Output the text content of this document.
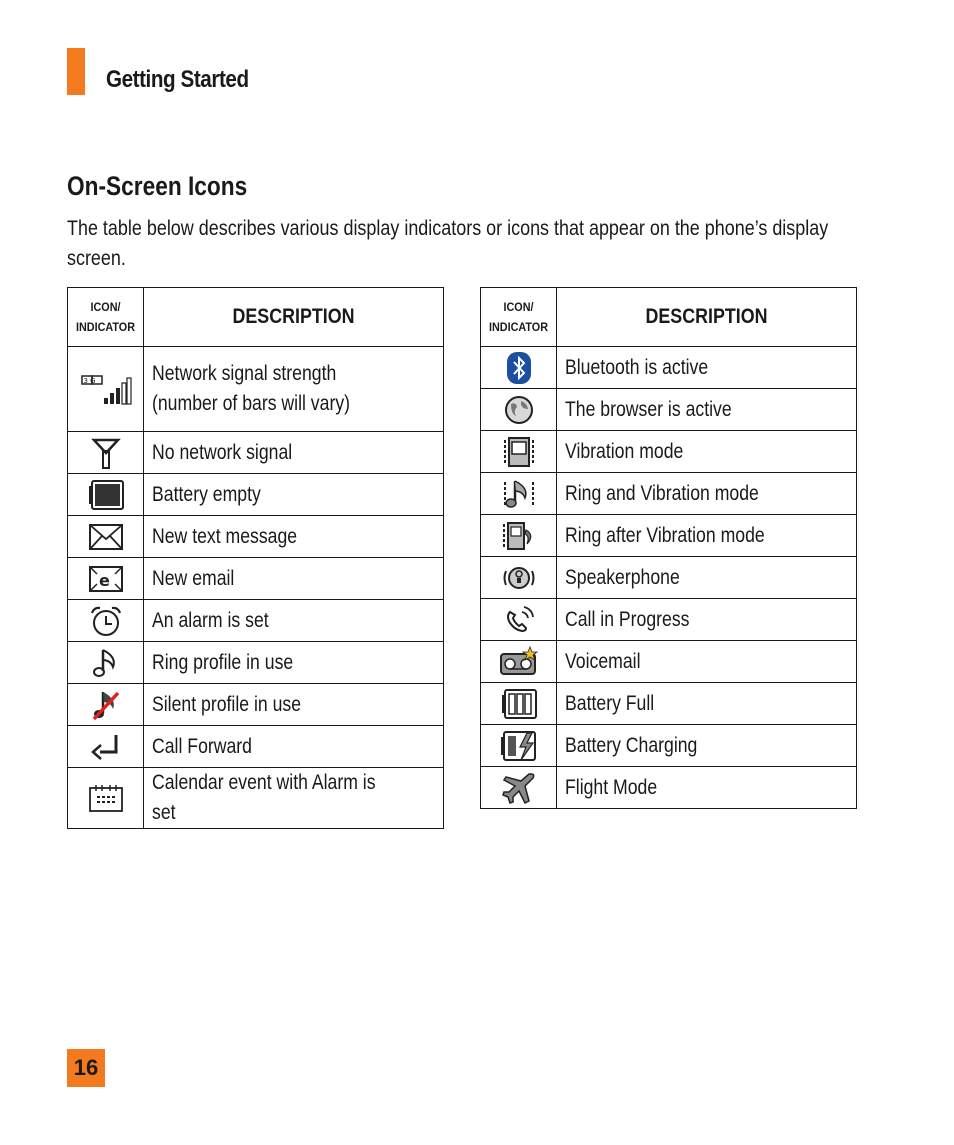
Getting Started
On-Screen Icons
The table below describes various display indicators or icons that appear on the phone’s display screen.
ICON/
INDICATOR	DESCRIPTION

3 G	Network signal strength
(number of bars will vary)

	No network signal

	Battery empty

	New text message

e	New email

	An alarm is set

	Ring profile in use

	Silent profile in use

	Call Forward

	Calendar event with Alarm is set
ICON/
INDICATOR	DESCRIPTION

	Bluetooth is active

	The browser is active

	Vibration mode

	Ring and Vibration mode

	Ring after Vibration mode

	Speakerphone

	Call in Progress

	Voicemail

	Battery Full

	Battery Charging

	Flight Mode
16
